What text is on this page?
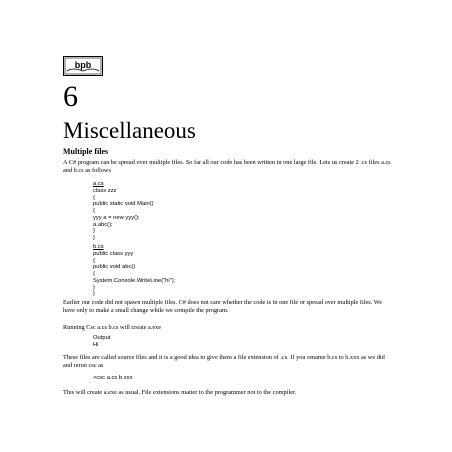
bpb
6
Miscellaneous
Multiple files

A C# program can be spread over multiple files. So far all our code has been written in one large file. Lets us create 2 .cs files a.cs and b.cs as follows

a.cs
class zzz
{
public static void Main()
{
yyy a = new yyy();
a.abc();
}
}
b.cs
public class yyy
{
public void abc()
{
System.Console.WriteLine("hi");
}
}

Earlier our code did not spawn multiple files. C# does not care whether the code is in one file or spread over multiple files. We have only to make a small change while we compile the program.

Running Csc a.cs b.cs will create a.exe

Output
Hi

These files are called source files and it is a good idea to give them a file extension of .cs. If you rename b.cs to b.xxx as we did and rerun csc as

>csc a.cs b.xxx

This will create a.exe as usual. File extensions matter to the programmer not to the compiler.
